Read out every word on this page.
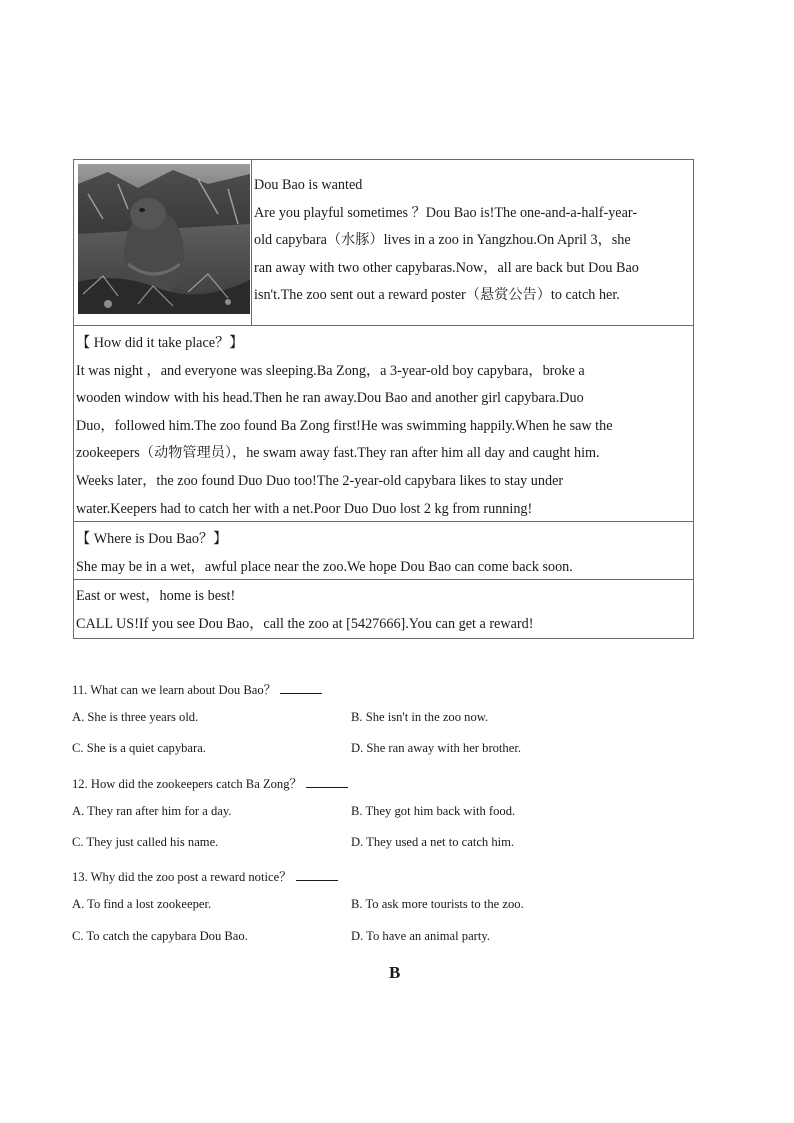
Dou Bao is wanted
Are you playful sometimes ？Dou Bao is!The one-and-a-half-year-
old capybara（水豚）lives in a zoo in Yangzhou.On April 3，she
ran away with two other capybaras.Now，all are back but Dou Bao
isn't.The zoo sent out a reward poster（悬赏公告）to catch her.
【 How did it take place？】
It was night ，and everyone was sleeping.Ba Zong，a 3-year-old boy capybara，broke a
wooden window with his head.Then he ran away.Dou Bao and another girl capybara.Duo
Duo，followed him.The zoo found Ba Zong first!He was swimming happily.When he saw the
zookeepers（动物管理员），he swam away fast.They ran after him all day and caught him.
Weeks later，the zoo found Duo Duo too!The 2-year-old capybara likes to stay under
water.Keepers had to catch her with a net.Poor Duo Duo lost 2 kg from running!
【 Where is Dou Bao？】
She may be in a wet，awful place near the zoo.We hope Dou Bao can come back soon.
East or west，home is best!
CALL US!If you see Dou Bao，call the zoo at [5427666].You can get a reward!
11. What can we learn about Dou Bao？
A. She is three years old.	B. She isn't in the zoo now.
C. She is a quiet capybara.	D. She ran away with her brother.
12. How did the zookeepers catch Ba Zong？
A. They ran after him for a day.	B. They got him back with food.
C. They just called his name.	D. They used a net to catch him.
13. Why did the zoo post a reward notice？
A. To find a lost zookeeper.	B. To ask more tourists to the zoo.
C. To catch the capybara Dou Bao.	D. To have an animal party.
B
